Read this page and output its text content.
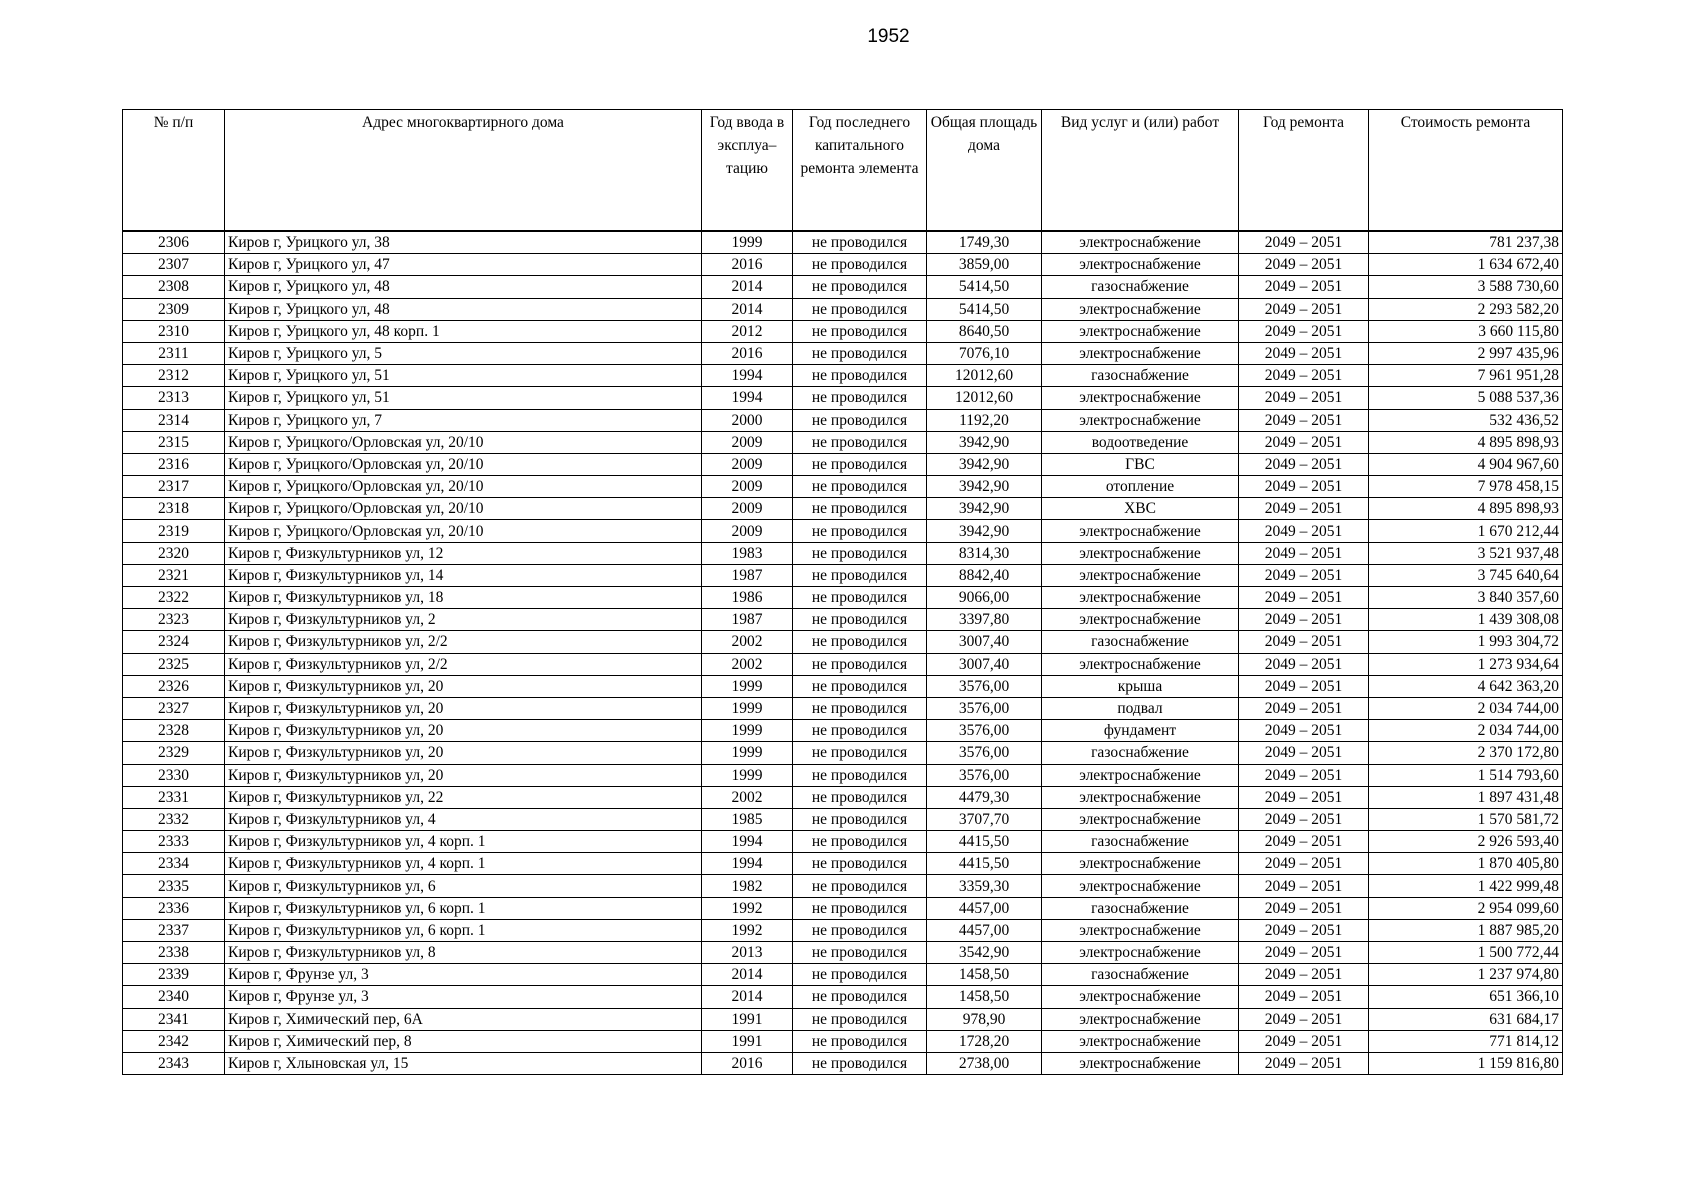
1952
№ п/п	Адрес многоквартирного дома	Год ввода в эксплуа– тацию	Год последнего капитального ремонта элемента	Общая площадь дома	Вид услуг и (или) работ	Год ремонта	Стоимость ремонта
2306	Киров г, Урицкого ул, 38	1999	не проводился	1749,30	электроснабжение	2049 – 2051	781 237,38
2307	Киров г, Урицкого ул, 47	2016	не проводился	3859,00	электроснабжение	2049 – 2051	1 634 672,40
2308	Киров г, Урицкого ул, 48	2014	не проводился	5414,50	газоснабжение	2049 – 2051	3 588 730,60
2309	Киров г, Урицкого ул, 48	2014	не проводился	5414,50	электроснабжение	2049 – 2051	2 293 582,20
2310	Киров г, Урицкого ул, 48 корп. 1	2012	не проводился	8640,50	электроснабжение	2049 – 2051	3 660 115,80
2311	Киров г, Урицкого ул, 5	2016	не проводился	7076,10	электроснабжение	2049 – 2051	2 997 435,96
2312	Киров г, Урицкого ул, 51	1994	не проводился	12012,60	газоснабжение	2049 – 2051	7 961 951,28
2313	Киров г, Урицкого ул, 51	1994	не проводился	12012,60	электроснабжение	2049 – 2051	5 088 537,36
2314	Киров г, Урицкого ул, 7	2000	не проводился	1192,20	электроснабжение	2049 – 2051	532 436,52
2315	Киров г, Урицкого/Орловская ул, 20/10	2009	не проводился	3942,90	водоотведение	2049 – 2051	4 895 898,93
2316	Киров г, Урицкого/Орловская ул, 20/10	2009	не проводился	3942,90	ГВС	2049 – 2051	4 904 967,60
2317	Киров г, Урицкого/Орловская ул, 20/10	2009	не проводился	3942,90	отопление	2049 – 2051	7 978 458,15
2318	Киров г, Урицкого/Орловская ул, 20/10	2009	не проводился	3942,90	ХВС	2049 – 2051	4 895 898,93
2319	Киров г, Урицкого/Орловская ул, 20/10	2009	не проводился	3942,90	электроснабжение	2049 – 2051	1 670 212,44
2320	Киров г, Физкультурников ул, 12	1983	не проводился	8314,30	электроснабжение	2049 – 2051	3 521 937,48
2321	Киров г, Физкультурников ул, 14	1987	не проводился	8842,40	электроснабжение	2049 – 2051	3 745 640,64
2322	Киров г, Физкультурников ул, 18	1986	не проводился	9066,00	электроснабжение	2049 – 2051	3 840 357,60
2323	Киров г, Физкультурников ул, 2	1987	не проводился	3397,80	электроснабжение	2049 – 2051	1 439 308,08
2324	Киров г, Физкультурников ул, 2/2	2002	не проводился	3007,40	газоснабжение	2049 – 2051	1 993 304,72
2325	Киров г, Физкультурников ул, 2/2	2002	не проводился	3007,40	электроснабжение	2049 – 2051	1 273 934,64
2326	Киров г, Физкультурников ул, 20	1999	не проводился	3576,00	крыша	2049 – 2051	4 642 363,20
2327	Киров г, Физкультурников ул, 20	1999	не проводился	3576,00	подвал	2049 – 2051	2 034 744,00
2328	Киров г, Физкультурников ул, 20	1999	не проводился	3576,00	фундамент	2049 – 2051	2 034 744,00
2329	Киров г, Физкультурников ул, 20	1999	не проводился	3576,00	газоснабжение	2049 – 2051	2 370 172,80
2330	Киров г, Физкультурников ул, 20	1999	не проводился	3576,00	электроснабжение	2049 – 2051	1 514 793,60
2331	Киров г, Физкультурников ул, 22	2002	не проводился	4479,30	электроснабжение	2049 – 2051	1 897 431,48
2332	Киров г, Физкультурников ул, 4	1985	не проводился	3707,70	электроснабжение	2049 – 2051	1 570 581,72
2333	Киров г, Физкультурников ул, 4 корп. 1	1994	не проводился	4415,50	газоснабжение	2049 – 2051	2 926 593,40
2334	Киров г, Физкультурников ул, 4 корп. 1	1994	не проводился	4415,50	электроснабжение	2049 – 2051	1 870 405,80
2335	Киров г, Физкультурников ул, 6	1982	не проводился	3359,30	электроснабжение	2049 – 2051	1 422 999,48
2336	Киров г, Физкультурников ул, 6 корп. 1	1992	не проводился	4457,00	газоснабжение	2049 – 2051	2 954 099,60
2337	Киров г, Физкультурников ул, 6 корп. 1	1992	не проводился	4457,00	электроснабжение	2049 – 2051	1 887 985,20
2338	Киров г, Физкультурников ул, 8	2013	не проводился	3542,90	электроснабжение	2049 – 2051	1 500 772,44
2339	Киров г, Фрунзе ул, 3	2014	не проводился	1458,50	газоснабжение	2049 – 2051	1 237 974,80
2340	Киров г, Фрунзе ул, 3	2014	не проводился	1458,50	электроснабжение	2049 – 2051	651 366,10
2341	Киров г, Химический пер, 6А	1991	не проводился	978,90	электроснабжение	2049 – 2051	631 684,17
2342	Киров г, Химический пер, 8	1991	не проводился	1728,20	электроснабжение	2049 – 2051	771 814,12
2343	Киров г, Хлыновская ул, 15	2016	не проводился	2738,00	электроснабжение	2049 – 2051	1 159 816,80
